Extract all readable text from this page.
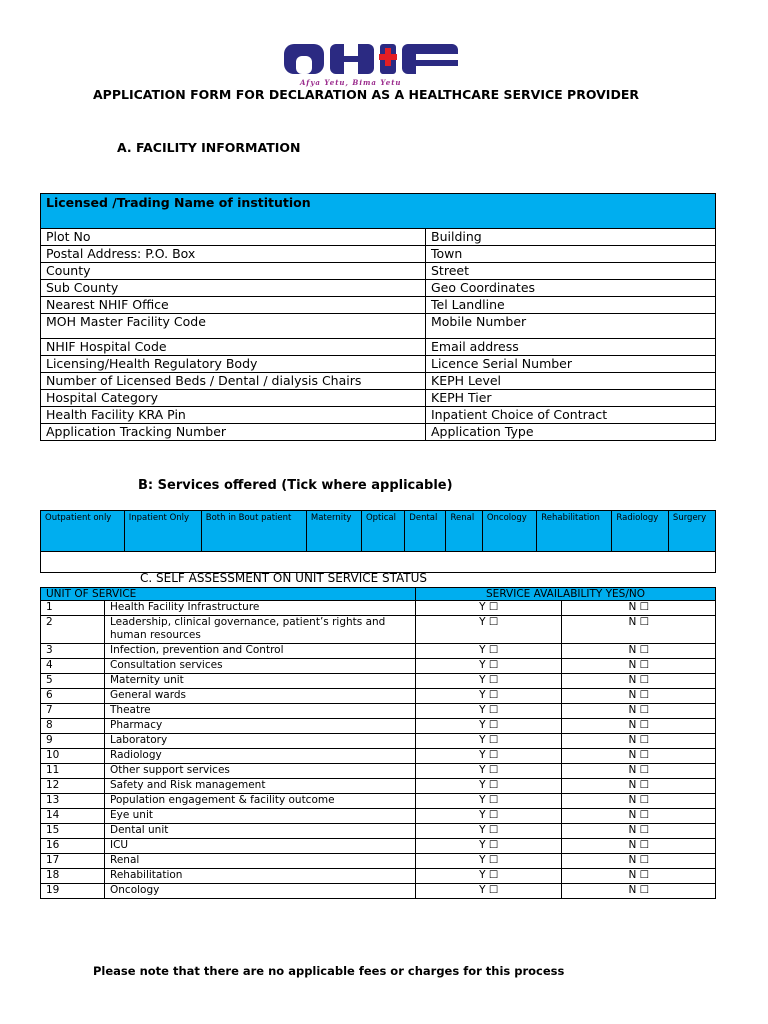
Afya Yetu, Bima Yetu
APPLICATION FORM FOR DECLARATION AS A HEALTHCARE SERVICE PROVIDER
A. FACILITY INFORMATION
Licensed /Trading Name of institution	
Plot No	Building
Postal Address: P.O. Box	Town
County	Street
Sub County	Geo Coordinates
Nearest NHIF Office	Tel Landline
MOH Master Facility Code	Mobile Number
NHIF Hospital Code	Email address
Licensing/Health Regulatory Body	Licence Serial Number
Number of Licensed Beds / Dental / dialysis Chairs	KEPH Level
Hospital Category	KEPH Tier
Health Facility KRA Pin	Inpatient Choice of Contract
Application Tracking Number	Application Type
B: Services offered (Tick where applicable)
Outpatient only	Inpatient Only	Both in Bout patient	Maternity	Optical	Dental	Renal	Oncology	Rehabilitation	Radiology	Surgery

C. SELF ASSESSMENT ON UNIT SERVICE STATUS
UNIT OF SERVICE		SERVICE AVAILABILITY YES/NO	
1	Health Facility Infrastructure	Y ☐	N ☐
2	Leadership, clinical governance, patient’s rights and human resources	Y ☐	N ☐
3	Infection, prevention and Control	Y ☐	N ☐
4	Consultation services	Y ☐	N ☐
5	Maternity unit	Y ☐	N ☐
6	General wards	Y ☐	N ☐
7	Theatre	Y ☐	N ☐
8	Pharmacy	Y ☐	N ☐
9	Laboratory	Y ☐	N ☐
10	Radiology	Y ☐	N ☐
11	Other support services	Y ☐	N ☐
12	Safety and Risk management	Y ☐	N ☐
13	Population engagement & facility outcome	Y ☐	N ☐
14	Eye unit	Y ☐	N ☐
15	Dental unit	Y ☐	N ☐
16	ICU	Y ☐	N ☐
17	Renal	Y ☐	N ☐
18	Rehabilitation	Y ☐	N ☐
19	Oncology	Y ☐	N ☐
Please note that there are no applicable fees or charges for this process
